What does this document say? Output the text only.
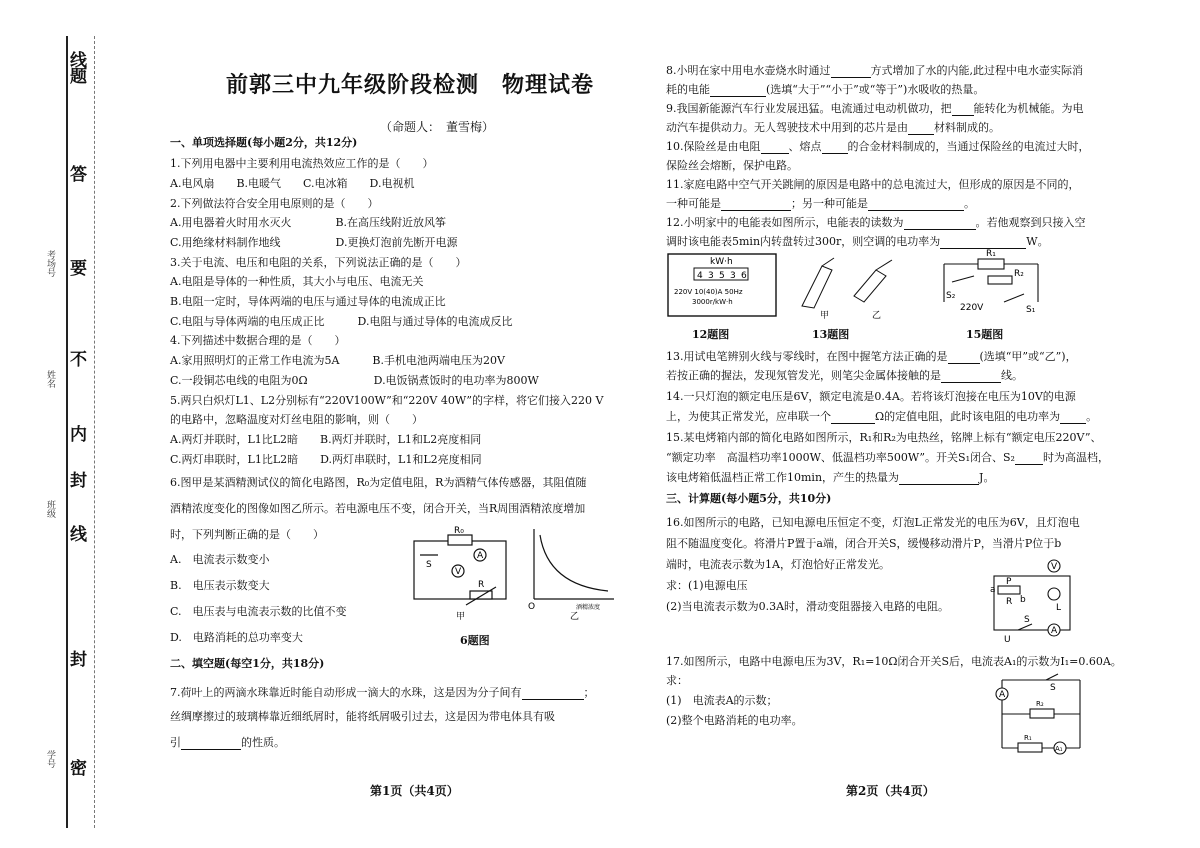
线
题
答
要
不
内
封
线
封
密
考场号
姓名
班级
学号
前郭三中九年级阶段检测　物理试卷
（命题人：　董雪梅）
一、单项选择题(每小题2分，共12分)
1.下列用电器中主要利用电流热效应工作的是（　　）
A.电风扇　　B.电暖气　　C.电冰箱　　D.电视机
2.下列做法符合安全用电原则的是（　　）
A.用电器着火时用水灭火　　　　B.在高压线附近放风筝
C.用绝缘材料制作地线　　　　　D.更换灯泡前先断开电源
3.关于电流、电压和电阻的关系，下列说法正确的是（　　）
A.电阻是导体的一种性质，其大小与电压、电流无关
B.电阻一定时，导体两端的电压与通过导体的电流成正比
C.电阻与导体两端的电压成正比　　　D.电阻与通过导体的电流成反比
4.下列描述中数据合理的是（　　）
A.家用照明灯的正常工作电流为5A　　　B.手机电池两端电压为20V
C.一段铜芯电线的电阻为0Ω　　　　　　D.电饭锅煮饭时的电功率为800W
5.两只白炽灯L1、L2分别标有“220V100W”和“220V 40W”的字样，将它们接入220 V
的电路中，忽略温度对灯丝电阻的影响，则（　　）
A.两灯并联时，L1比L2暗　　B.两灯并联时，L1和L2亮度相同
C.两灯串联时，L1比L2暗　　D.两灯串联时，L1和L2亮度相同
6.图甲是某酒精测试仪的简化电路图，R₀为定值电阻，R为酒精气体传感器，其阻值随
酒精浓度变化的图像如图乙所示。若电源电压不变，闭合开关，当R周围酒精浓度增加
时，下列判断正确的是（　　）
A.　电流表示数变小
B.　电压表示数变大
C.　电压表与电流表示数的比值不变
D.　电路消耗的总功率变大
二、填空题(每空1分，共18分)
7.荷叶上的两滴水珠靠近时能自动形成一滴大的水珠，这是因为分子间有	；
丝绸摩擦过的玻璃棒靠近细纸屑时，能将纸屑吸引过去，这是因为带电体具有吸
引	的性质。
R₀
S
A
V
R
O	酒精浓度
甲	乙
6题图
第1页（共4页）
8.小明在家中用电水壶烧水时通过	方式增加了水的内能,此过程中电水壶实际消
耗的电能	(选填“大于”“小于”或“等于”)水吸收的热量。
9.我国新能源汽车行业发展迅猛。电流通过电动机做功，把 能转化为机械能。为电
动汽车提供动力。无人驾驶技术中用到的芯片是由 材料制成的。
10.保险丝是由电阻	、熔点 的合金材料制成的，当通过保险丝的电流过大时，
保险丝会熔断，保护电路。
11.家庭电路中空气开关跳闸的原因是电路中的总电流过大，但形成的原因是不同的，
一种可能是	；另一种可能是	。
12.小明家中的电能表如图所示，电能表的读数为	。若他观察到只接入空
调时该电能表5min内转盘转过300r，则空调的电功率为	W。
kW·h
4 3 5 3 6
220V 10(40)A 50Hz
3000r/kW·h
12题图
甲	乙
13题图
R₁
R₂
S₂
220V	S₁
15题图
13.用试电笔辨别火线与零线时，在图中握笔方法正确的是	(选填“甲”或“乙”)，
若按正确的握法，发现氖管发光，则笔尖金属体接触的是	线。
14.一只灯泡的额定电压是6V，额定电流是0.4A。若将该灯泡接在电压为10V的电源
上，为使其正常发光，应串联一个	Ω的定值电阻，此时该电阻的电功率为 。
15.某电烤箱内部的简化电路如图所示，R₁和R₂为电热丝，铭牌上标有“额定电压220V”、
“额定功率　高温档功率1000W、低温档功率500W”。开关S₁闭合、S₂	时为高温档，
该电烤箱低温档正常工作10min，产生的热量为	J。
三、计算题(每小题5分，共10分)
16.如图所示的电路，已知电源电压恒定不变，灯泡L正常发光的电压为6V，且灯泡电
阻不随温度变化。将滑片P置于a端，闭合开关S，缓慢移动滑片P，当滑片P位于b
端时，电流表示数为1A，灯泡恰好正常发光。
求：(1)电源电压
(2)当电流表示数为0.3A时，滑动变阻器接入电路的电阻。
V
L
A
S
P
a
b
R
U
17.如图所示，电路中电源电压为3V，R₁=10Ω闭合开关S后，电流表A₁的示数为I₁=0.60A。
求：
(1)　电流表A的示数；
(2)整个电路消耗的电功率。
A
A₁
S
R₂
R₁
第2页（共4页）
